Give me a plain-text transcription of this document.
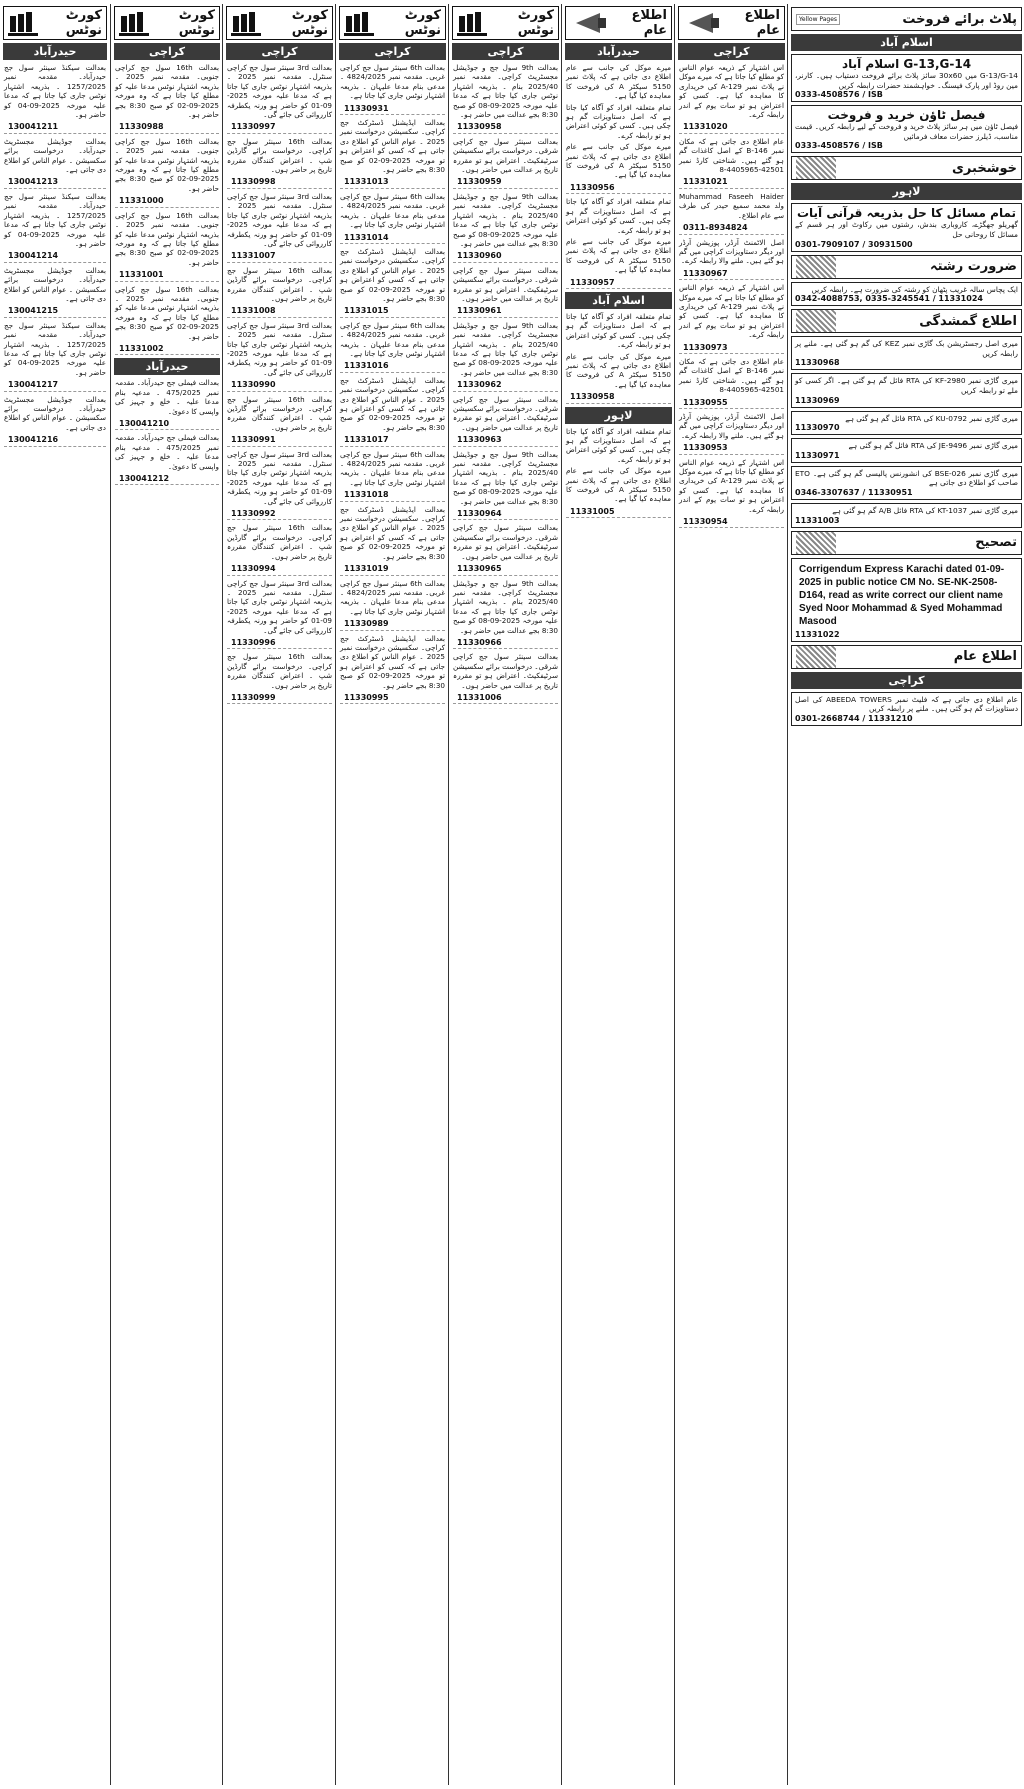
کورٹ نوٹس
حیدرآباد

بعدالت سیکنڈ سینئر سول جج حیدرآباد۔ مقدمہ نمبر 1257/2025 ۔ بذریعہ اشتہار نوٹس جاری کیا جاتا ہے کہ مدعا علیہ مورخہ 2025-09-04 کو حاضر ہو۔

130041211

بعدالت جوڈیشل مجسٹریٹ حیدرآباد۔ درخواست برائے سکسیشن ۔ عوام الناس کو اطلاع دی جاتی ہے۔

130041213

بعدالت سیکنڈ سینئر سول جج حیدرآباد۔ مقدمہ نمبر 1257/2025 ۔ بذریعہ اشتہار نوٹس جاری کیا جاتا ہے کہ مدعا علیہ مورخہ 2025-09-04 کو حاضر ہو۔

130041214

بعدالت جوڈیشل مجسٹریٹ حیدرآباد۔ درخواست برائے سکسیشن ۔ عوام الناس کو اطلاع دی جاتی ہے۔

130041215

بعدالت سیکنڈ سینئر سول جج حیدرآباد۔ مقدمہ نمبر 1257/2025 ۔ بذریعہ اشتہار نوٹس جاری کیا جاتا ہے کہ مدعا علیہ مورخہ 2025-09-04 کو حاضر ہو۔

130041217

بعدالت جوڈیشل مجسٹریٹ حیدرآباد۔ درخواست برائے سکسیشن ۔ عوام الناس کو اطلاع دی جاتی ہے۔

130041216
کورٹ نوٹس
کراچی

بعدالت 16th سول جج کراچی جنوبی۔ مقدمہ نمبر 2025 ۔ بذریعہ اشتہار نوٹس مدعا علیہ کو مطلع کیا جاتا ہے کہ وہ مورخہ 2025-09-02 کو صبح 8:30 بجے حاضر ہو۔

11330988

بعدالت 16th سول جج کراچی جنوبی۔ مقدمہ نمبر 2025 ۔ بذریعہ اشتہار نوٹس مدعا علیہ کو مطلع کیا جاتا ہے کہ وہ مورخہ 2025-09-02 کو صبح 8:30 بجے حاضر ہو۔

11331000

بعدالت 16th سول جج کراچی جنوبی۔ مقدمہ نمبر 2025 ۔ بذریعہ اشتہار نوٹس مدعا علیہ کو مطلع کیا جاتا ہے کہ وہ مورخہ 2025-09-02 کو صبح 8:30 بجے حاضر ہو۔

11331001

بعدالت 16th سول جج کراچی جنوبی۔ مقدمہ نمبر 2025 ۔ بذریعہ اشتہار نوٹس مدعا علیہ کو مطلع کیا جاتا ہے کہ وہ مورخہ 2025-09-02 کو صبح 8:30 بجے حاضر ہو۔

11331002
حیدرآباد

بعدالت فیملی جج حیدرآباد۔ مقدمہ نمبر 475/2025 ۔ مدعیہ بنام مدعا علیہ ۔ خلع و جہیز کی واپسی کا دعویٰ۔

130041210

بعدالت فیملی جج حیدرآباد۔ مقدمہ نمبر 475/2025 ۔ مدعیہ بنام مدعا علیہ ۔ خلع و جہیز کی واپسی کا دعویٰ۔

130041212
کورٹ نوٹس
کراچی

بعدالت 3rd سینئر سول جج کراچی سنٹرل۔ مقدمہ نمبر 2025 ۔ بذریعہ اشتہار نوٹس جاری کیا جاتا ہے کہ مدعا علیہ مورخہ 2025-09-01 کو حاضر ہو ورنہ یکطرفہ کارروائی کی جائے گی۔

11330997

بعدالت 16th سینئر سول جج کراچی۔ درخواست برائے گارڈین شپ ۔ اعتراض کنندگان مقررہ تاریخ پر حاضر ہوں۔

11330998

بعدالت 3rd سینئر سول جج کراچی سنٹرل۔ مقدمہ نمبر 2025 ۔ بذریعہ اشتہار نوٹس جاری کیا جاتا ہے کہ مدعا علیہ مورخہ 2025-09-01 کو حاضر ہو ورنہ یکطرفہ کارروائی کی جائے گی۔

11331007

بعدالت 16th سینئر سول جج کراچی۔ درخواست برائے گارڈین شپ ۔ اعتراض کنندگان مقررہ تاریخ پر حاضر ہوں۔

11331008

بعدالت 3rd سینئر سول جج کراچی سنٹرل۔ مقدمہ نمبر 2025 ۔ بذریعہ اشتہار نوٹس جاری کیا جاتا ہے کہ مدعا علیہ مورخہ 2025-09-01 کو حاضر ہو ورنہ یکطرفہ کارروائی کی جائے گی۔

11330990

بعدالت 16th سینئر سول جج کراچی۔ درخواست برائے گارڈین شپ ۔ اعتراض کنندگان مقررہ تاریخ پر حاضر ہوں۔

11330991

بعدالت 3rd سینئر سول جج کراچی سنٹرل۔ مقدمہ نمبر 2025 ۔ بذریعہ اشتہار نوٹس جاری کیا جاتا ہے کہ مدعا علیہ مورخہ 2025-09-01 کو حاضر ہو ورنہ یکطرفہ کارروائی کی جائے گی۔

11330992

بعدالت 16th سینئر سول جج کراچی۔ درخواست برائے گارڈین شپ ۔ اعتراض کنندگان مقررہ تاریخ پر حاضر ہوں۔

11330994

بعدالت 3rd سینئر سول جج کراچی سنٹرل۔ مقدمہ نمبر 2025 ۔ بذریعہ اشتہار نوٹس جاری کیا جاتا ہے کہ مدعا علیہ مورخہ 2025-09-01 کو حاضر ہو ورنہ یکطرفہ کارروائی کی جائے گی۔

11330996

بعدالت 16th سینئر سول جج کراچی۔ درخواست برائے گارڈین شپ ۔ اعتراض کنندگان مقررہ تاریخ پر حاضر ہوں۔

11330999
کورٹ نوٹس
کراچی

بعدالت 6th سینئر سول جج کراچی غربی۔ مقدمہ نمبر 4824/2025 ۔ مدعی بنام مدعا علیہان ۔ بذریعہ اشتہار نوٹس جاری کیا جاتا ہے۔

11330931

بعدالت ایڈیشنل ڈسٹرکٹ جج کراچی۔ سکسیشن درخواست نمبر 2025 ۔ عوام الناس کو اطلاع دی جاتی ہے کہ کسی کو اعتراض ہو تو مورخہ 2025-09-02 کو صبح 8:30 بجے حاضر ہو۔

11331013

بعدالت 6th سینئر سول جج کراچی غربی۔ مقدمہ نمبر 4824/2025 ۔ مدعی بنام مدعا علیہان ۔ بذریعہ اشتہار نوٹس جاری کیا جاتا ہے۔

11331014

بعدالت ایڈیشنل ڈسٹرکٹ جج کراچی۔ سکسیشن درخواست نمبر 2025 ۔ عوام الناس کو اطلاع دی جاتی ہے کہ کسی کو اعتراض ہو تو مورخہ 2025-09-02 کو صبح 8:30 بجے حاضر ہو۔

11331015

بعدالت 6th سینئر سول جج کراچی غربی۔ مقدمہ نمبر 4824/2025 ۔ مدعی بنام مدعا علیہان ۔ بذریعہ اشتہار نوٹس جاری کیا جاتا ہے۔

11331016

بعدالت ایڈیشنل ڈسٹرکٹ جج کراچی۔ سکسیشن درخواست نمبر 2025 ۔ عوام الناس کو اطلاع دی جاتی ہے کہ کسی کو اعتراض ہو تو مورخہ 2025-09-02 کو صبح 8:30 بجے حاضر ہو۔

11331017

بعدالت 6th سینئر سول جج کراچی غربی۔ مقدمہ نمبر 4824/2025 ۔ مدعی بنام مدعا علیہان ۔ بذریعہ اشتہار نوٹس جاری کیا جاتا ہے۔

11331018

بعدالت ایڈیشنل ڈسٹرکٹ جج کراچی۔ سکسیشن درخواست نمبر 2025 ۔ عوام الناس کو اطلاع دی جاتی ہے کہ کسی کو اعتراض ہو تو مورخہ 2025-09-02 کو صبح 8:30 بجے حاضر ہو۔

11331019

بعدالت 6th سینئر سول جج کراچی غربی۔ مقدمہ نمبر 4824/2025 ۔ مدعی بنام مدعا علیہان ۔ بذریعہ اشتہار نوٹس جاری کیا جاتا ہے۔

11330989

بعدالت ایڈیشنل ڈسٹرکٹ جج کراچی۔ سکسیشن درخواست نمبر 2025 ۔ عوام الناس کو اطلاع دی جاتی ہے کہ کسی کو اعتراض ہو تو مورخہ 2025-09-02 کو صبح 8:30 بجے حاضر ہو۔

11330995
کورٹ نوٹس
کراچی

بعدالت 9th سول جج و جوڈیشل مجسٹریٹ کراچی۔ مقدمہ نمبر 2025/40 بنام ۔ بذریعہ اشتہار نوٹس جاری کیا جاتا ہے کہ مدعا علیہ مورخہ 2025-09-08 کو صبح 8:30 بجے عدالت میں حاضر ہو۔

11330958

بعدالت سینئر سول جج کراچی شرقی۔ درخواست برائے سکسیشن سرٹیفکیٹ۔ اعتراض ہو تو مقررہ تاریخ پر عدالت میں حاضر ہوں۔

11330959

بعدالت 9th سول جج و جوڈیشل مجسٹریٹ کراچی۔ مقدمہ نمبر 2025/40 بنام ۔ بذریعہ اشتہار نوٹس جاری کیا جاتا ہے کہ مدعا علیہ مورخہ 2025-09-08 کو صبح 8:30 بجے عدالت میں حاضر ہو۔

11330960

بعدالت سینئر سول جج کراچی شرقی۔ درخواست برائے سکسیشن سرٹیفکیٹ۔ اعتراض ہو تو مقررہ تاریخ پر عدالت میں حاضر ہوں۔

11330961

بعدالت 9th سول جج و جوڈیشل مجسٹریٹ کراچی۔ مقدمہ نمبر 2025/40 بنام ۔ بذریعہ اشتہار نوٹس جاری کیا جاتا ہے کہ مدعا علیہ مورخہ 2025-09-08 کو صبح 8:30 بجے عدالت میں حاضر ہو۔

11330962

بعدالت سینئر سول جج کراچی شرقی۔ درخواست برائے سکسیشن سرٹیفکیٹ۔ اعتراض ہو تو مقررہ تاریخ پر عدالت میں حاضر ہوں۔

11330963

بعدالت 9th سول جج و جوڈیشل مجسٹریٹ کراچی۔ مقدمہ نمبر 2025/40 بنام ۔ بذریعہ اشتہار نوٹس جاری کیا جاتا ہے کہ مدعا علیہ مورخہ 2025-09-08 کو صبح 8:30 بجے عدالت میں حاضر ہو۔

11330964

بعدالت سینئر سول جج کراچی شرقی۔ درخواست برائے سکسیشن سرٹیفکیٹ۔ اعتراض ہو تو مقررہ تاریخ پر عدالت میں حاضر ہوں۔

11330965

بعدالت 9th سول جج و جوڈیشل مجسٹریٹ کراچی۔ مقدمہ نمبر 2025/40 بنام ۔ بذریعہ اشتہار نوٹس جاری کیا جاتا ہے کہ مدعا علیہ مورخہ 2025-09-08 کو صبح 8:30 بجے عدالت میں حاضر ہو۔

11330966

بعدالت سینئر سول جج کراچی شرقی۔ درخواست برائے سکسیشن سرٹیفکیٹ۔ اعتراض ہو تو مقررہ تاریخ پر عدالت میں حاضر ہوں۔

11331006
اطلاع عام
حیدرآباد

میرے موکل کی جانب سے عام اطلاع دی جاتی ہے کہ پلاٹ نمبر 5150 سیکٹر A کی فروخت کا معاہدہ کیا گیا ہے۔

تمام متعلقہ افراد کو آگاہ کیا جاتا ہے کہ اصل دستاویزات گم ہو چکی ہیں۔ کسی کو کوئی اعتراض ہو تو رابطہ کرے۔

میرے موکل کی جانب سے عام اطلاع دی جاتی ہے کہ پلاٹ نمبر 5150 سیکٹر A کی فروخت کا معاہدہ کیا گیا ہے۔

11330956

تمام متعلقہ افراد کو آگاہ کیا جاتا ہے کہ اصل دستاویزات گم ہو چکی ہیں۔ کسی کو کوئی اعتراض ہو تو رابطہ کرے۔

میرے موکل کی جانب سے عام اطلاع دی جاتی ہے کہ پلاٹ نمبر 5150 سیکٹر A کی فروخت کا معاہدہ کیا گیا ہے۔

11330957
اسلام آباد

تمام متعلقہ افراد کو آگاہ کیا جاتا ہے کہ اصل دستاویزات گم ہو چکی ہیں۔ کسی کو کوئی اعتراض ہو تو رابطہ کرے۔

میرے موکل کی جانب سے عام اطلاع دی جاتی ہے کہ پلاٹ نمبر 5150 سیکٹر A کی فروخت کا معاہدہ کیا گیا ہے۔

11330958
لاہور

تمام متعلقہ افراد کو آگاہ کیا جاتا ہے کہ اصل دستاویزات گم ہو چکی ہیں۔ کسی کو کوئی اعتراض ہو تو رابطہ کرے۔

میرے موکل کی جانب سے عام اطلاع دی جاتی ہے کہ پلاٹ نمبر 5150 سیکٹر A کی فروخت کا معاہدہ کیا گیا ہے۔

11331005
اطلاع عام
کراچی

اس اشتہار کے ذریعہ عوام الناس کو مطلع کیا جاتا ہے کہ میرے موکل نے پلاٹ نمبر A-129 کی خریداری کا معاہدہ کیا ہے۔ کسی کو اعتراض ہو تو سات یوم کے اندر رابطہ کرے۔

11331020

عام اطلاع دی جاتی ہے کہ مکان نمبر B-146 کے اصل کاغذات گم ہو گئے ہیں۔ شناختی کارڈ نمبر 42501-4405965-8

11331021

Muhammad Faseeh Haider ولد محمد سمیع حیدر کی طرف سے عام اطلاع۔

0311-8934824

اصل الاٹمنٹ آرڈر، پوزیشن آرڈر اور دیگر دستاویزات کراچی میں گم ہو گئے ہیں۔ ملنے والا رابطہ کرے۔

11330967

اس اشتہار کے ذریعہ عوام الناس کو مطلع کیا جاتا ہے کہ میرے موکل نے پلاٹ نمبر A-129 کی خریداری کا معاہدہ کیا ہے۔ کسی کو اعتراض ہو تو سات یوم کے اندر رابطہ کرے۔

11330973

عام اطلاع دی جاتی ہے کہ مکان نمبر B-146 کے اصل کاغذات گم ہو گئے ہیں۔ شناختی کارڈ نمبر 42501-4405965-8

11330955

اصل الاٹمنٹ آرڈر، پوزیشن آرڈر اور دیگر دستاویزات کراچی میں گم ہو گئے ہیں۔ ملنے والا رابطہ کرے۔

11330953

اس اشتہار کے ذریعہ عوام الناس کو مطلع کیا جاتا ہے کہ میرے موکل نے پلاٹ نمبر A-129 کی خریداری کا معاہدہ کیا ہے۔ کسی کو اعتراض ہو تو سات یوم کے اندر رابطہ کرے۔

11330954
Yellow Pages	پلاٹ برائے فروخت
اسلام آباد
G-13,G-14 اسلام آباد
G-13/G-14 میں 30x60 سائز پلاٹ برائے فروخت دستیاب ہیں۔ کارنر، مین روڈ اور پارک فیسنگ۔ خواہشمند حضرات رابطہ کریں
0333-4508576 / ISB
فیصل ٹاؤن خرید و فروخت
فیصل ٹاؤن میں ہر سائز پلاٹ خرید و فروخت کے لیے رابطہ کریں۔ قیمت مناسب، ڈیلرز حضرات معاف فرمائیں
0333-4508576 / ISB
خوشخبری
لاہور
تمام مسائل کا حل بذریعہ قرآنی آیات
گھریلو جھگڑے، کاروباری بندش، رشتوں میں رکاوٹ اور ہر قسم کے مسائل کا روحانی حل
0301-7909107 / 30931500
ضرورت رشتہ
ایک پچاس سالہ غریب پٹھان کو رشتہ کی ضرورت ہے۔ رابطہ کریں
0342-4088753, 0335-3245541 / 11331024
اطلاع گمشدگی
میری اصل رجسٹریشن بک گاڑی نمبر KEZ کی گم ہو گئی ہے۔ ملنے پر رابطہ کریں
11330968
میری گاڑی نمبر KF-2980 کی RTA فائل گم ہو گئی ہے۔ اگر کسی کو ملے تو رابطہ کریں
11330969
میری گاڑی نمبر KU-0792 کی RTA فائل گم ہو گئی ہے
11330970
میری گاڑی نمبر JE-9496 کی RTA فائل گم ہو گئی ہے
11330971
میری گاڑی نمبر BSE-026 کی انشورنس پالیسی گم ہو گئی ہے۔ ETO صاحب کو اطلاع دی جاتی ہے
0346-3307637 / 11330951
میری گاڑی نمبر KT-1037 کی RTA فائل A/B گم ہو گئی ہے
11331003
تصحیح
Corrigendum Express Karachi dated 01-09-2025 in public notice CM No. SE-NK-2508-D164, read as write correct our client name Syed Noor Mohammad & Syed Mohammad Masood
11331022
اطلاع عام
کراچی
عام اطلاع دی جاتی ہے کہ فلیٹ نمبر ABEEDA TOWERS کی اصل دستاویزات گم ہو گئی ہیں۔ ملنے پر رابطہ کریں
0301-2668744 / 11331210
